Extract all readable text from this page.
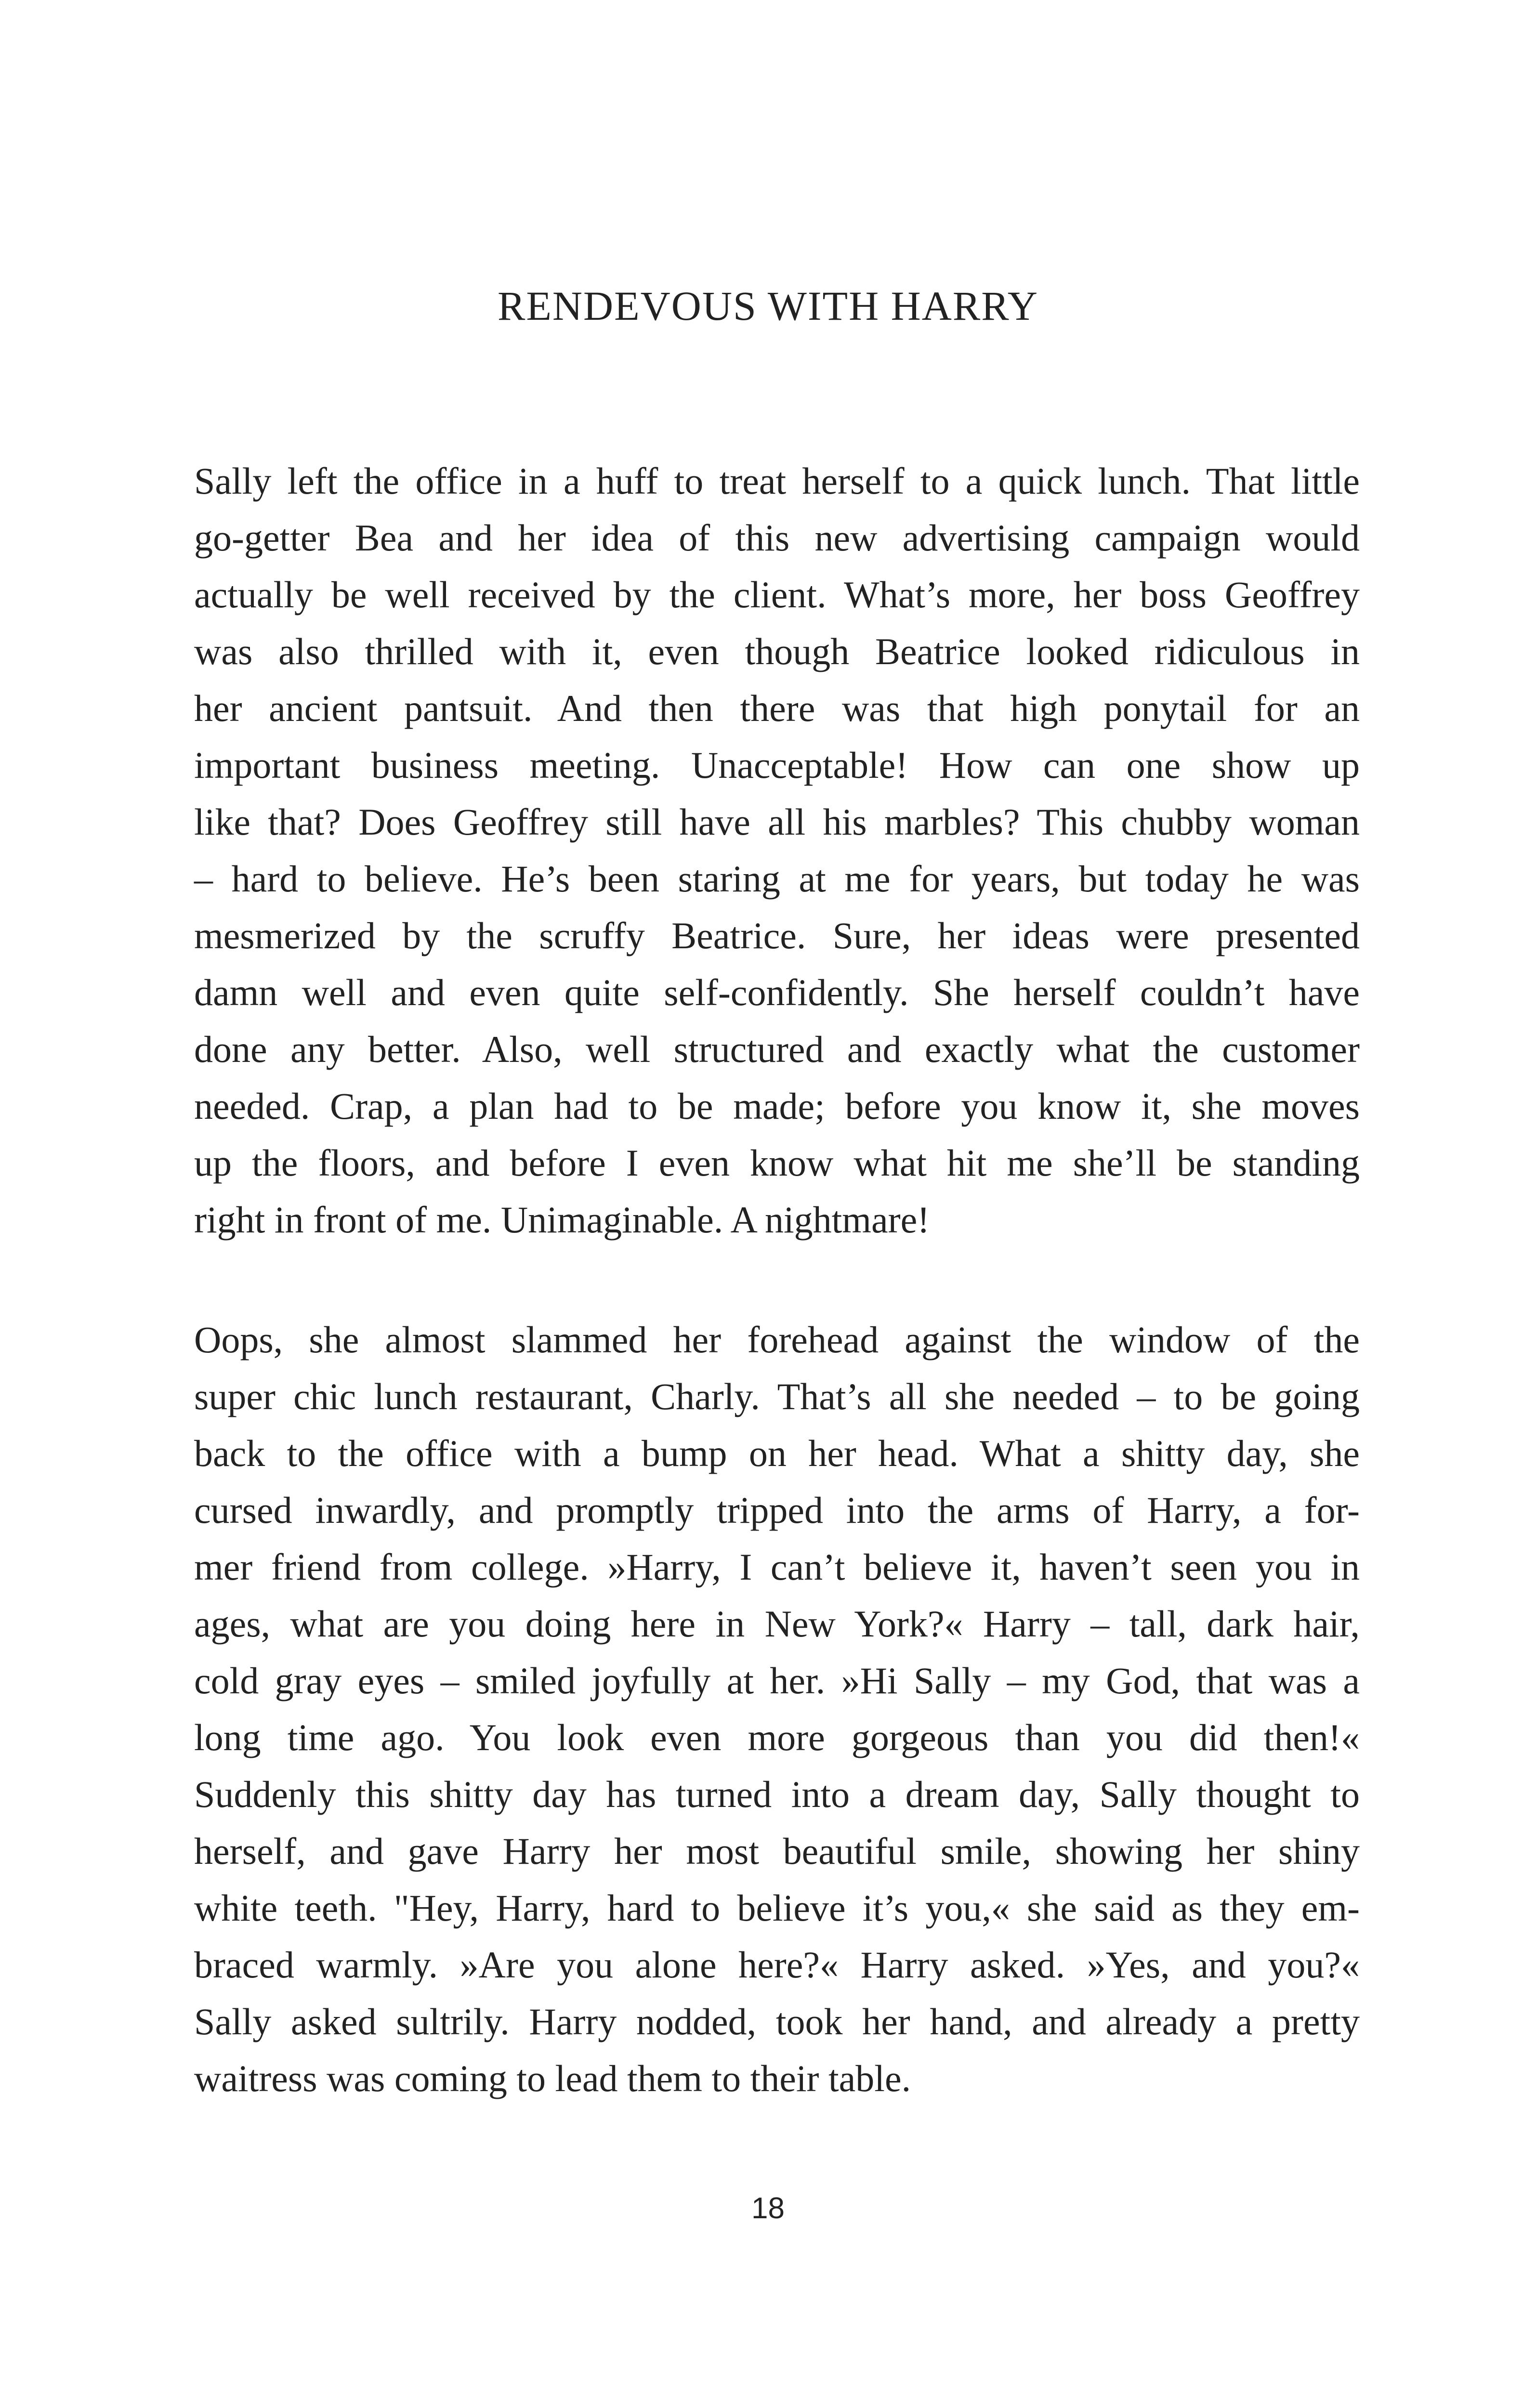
RENDEVOUS WITH HARRY
Sally left the office in a huff to treat herself to a quick lunch. That little
go-getter Bea and her idea of this new advertising campaign would
actually be well received by the client. What’s more, her boss Geoffrey
was also thrilled with it, even though Beatrice looked ridiculous in
her ancient pantsuit. And then there was that high ponytail for an
important business meeting. Unacceptable! How can one show up
like that? Does Geoffrey still have all his marbles? This chubby woman
– hard to believe. He’s been staring at me for years, but today he was
mesmerized by the scruffy Beatrice. Sure, her ideas were presented
damn well and even quite self-confidently. She herself couldn’t have
done any better. Also, well structured and exactly what the customer
needed. Crap, a plan had to be made; before you know it, she moves
up the floors, and before I even know what hit me she’ll be standing
right in front of me. Unimaginable. A nightmare!
Oops, she almost slammed her forehead against the window of the
super chic lunch restaurant, Charly. That’s all she needed – to be going
back to the office with a bump on her head. What a shitty day, she
cursed inwardly, and promptly tripped into the arms of Harry, a for-
mer friend from college. »Harry, I can’t believe it, haven’t seen you in
ages, what are you doing here in New York?« Harry – tall, dark hair,
cold gray eyes – smiled joyfully at her. »Hi Sally – my God, that was a
long time ago. You look even more gorgeous than you did then!«
Suddenly this shitty day has turned into a dream day, Sally thought to
herself, and gave Harry her most beautiful smile, showing her shiny
white teeth. "Hey, Harry, hard to believe it’s you,« she said as they em-
braced warmly. »Are you alone here?« Harry asked. »Yes, and you?«
Sally asked sultrily. Harry nodded, took her hand, and already a pretty
waitress was coming to lead them to their table.

18
